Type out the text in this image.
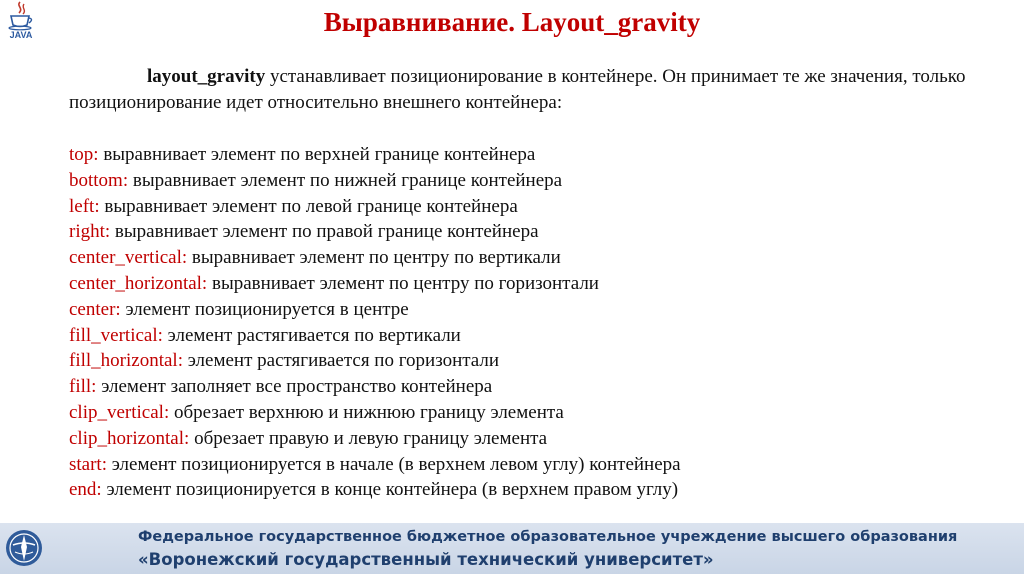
JAVA	Выравнивание. Layout_gravity
layout_gravity устанавливает позиционирование в контейнере. Он принимает те же значения, только позиционирование идет относительно внешнего контейнера:
top: выравнивает элемент по верхней границе контейнера
bottom: выравнивает элемент по нижней границе контейнера
left: выравнивает элемент по левой границе контейнера
right: выравнивает элемент по правой границе контейнера
center_vertical: выравнивает элемент по центру по вертикали
center_horizontal: выравнивает элемент по центру по горизонтали
center: элемент позиционируется в центре
fill_vertical: элемент растягивается по вертикали
fill_horizontal: элемент растягивается по горизонтали
fill: элемент заполняет все пространство контейнера
clip_vertical: обрезает верхнюю и нижнюю границу элемента
clip_horizontal: обрезает правую и левую границу элемента
start: элемент позиционируется в начале (в верхнем левом углу) контейнера
end: элемент позиционируется в конце контейнера (в верхнем правом углу)
Федеральное государственное бюджетное образовательное учреждение высшего образования
«Воронежский государственный технический университет»
